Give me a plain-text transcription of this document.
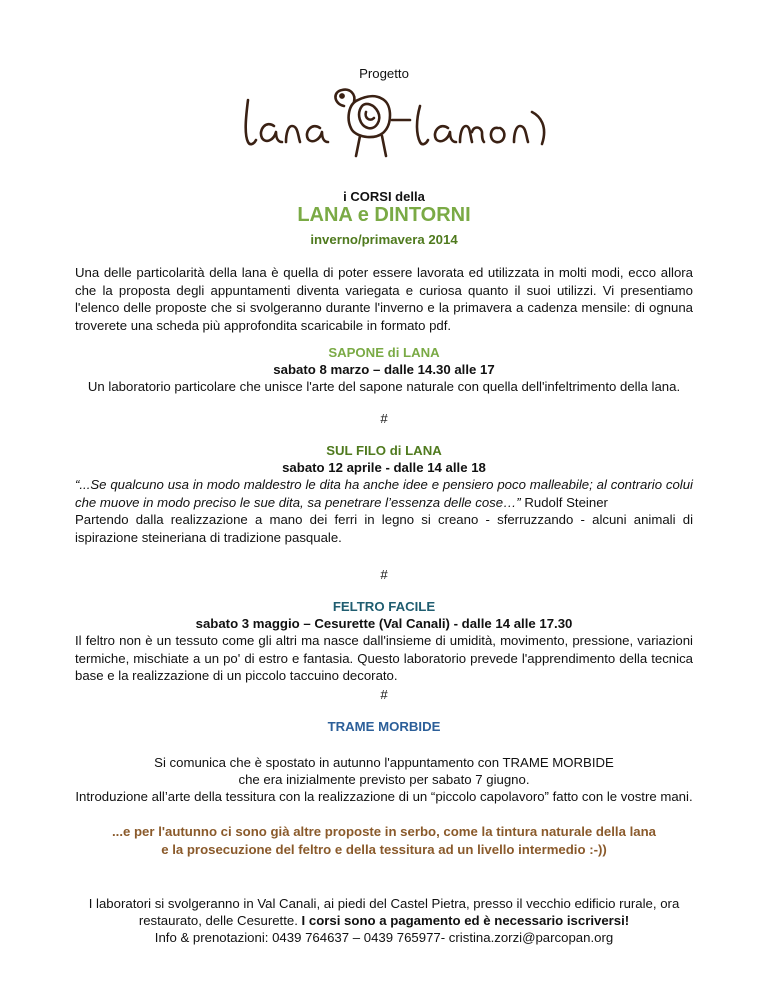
Progetto
i CORSI della
LANA e DINTORNI
inverno/primavera 2014

Una delle particolarità della lana è quella di poter essere lavorata ed utilizzata in molti modi, ecco allora che la proposta degli appuntamenti diventa variegata e curiosa quanto il suoi utilizzi. Vi presentiamo l'elenco delle proposte che si svolgeranno durante l'inverno e la primavera a cadenza mensile: di ognuna troverete una scheda più approfondita scaricabile in formato pdf.

SAPONE di LANA
sabato 8 marzo – dalle 14.30 alle 17
Un laboratorio particolare che unisce l'arte del sapone naturale con quella dell'infeltrimento della lana.
#
SUL FILO di LANA
sabato 12 aprile - dalle 14 alle 18

“...Se qualcuno usa in modo maldestro le dita ha anche idee e pensiero poco malleabile; al contrario colui che muove in modo preciso le sue dita, sa penetrare l’essenza delle cose…” Rudolf Steiner

Partendo dalla realizzazione a mano dei ferri in legno si creano - sferruzzando - alcuni animali di ispirazione steineriana di tradizione pasquale.

#
FELTRO FACILE
sabato 3 maggio – Cesurette (Val Canali) - dalle 14 alle 17.30

Il feltro non è un tessuto come gli altri ma nasce dall'insieme di umidità, movimento, pressione, variazioni termiche, mischiate a un po' di estro e fantasia. Questo laboratorio prevede l'apprendimento della tecnica base e la realizzazione di un piccolo taccuino decorato.

#
TRAME MORBIDE
Si comunica che è spostato in autunno l'appuntamento con TRAME MORBIDE
che era inizialmente previsto per sabato 7 giugno.
Introduzione all’arte della tessitura con la realizzazione di un “piccolo capolavoro” fatto con le vostre mani.

...e per l'autunno ci sono già altre proposte in serbo, come la tintura naturale della lana e la prosecuzione del feltro e della tessitura ad un livello intermedio :-))

I laboratori si svolgeranno in Val Canali, ai piedi del Castel Pietra, presso il vecchio edificio rurale, ora
restaurato, delle Cesurette. I corsi sono a pagamento ed è necessario iscriversi!
Info & prenotazioni: 0439 764637 – 0439 765977- cristina.zorzi@parcopan.org
